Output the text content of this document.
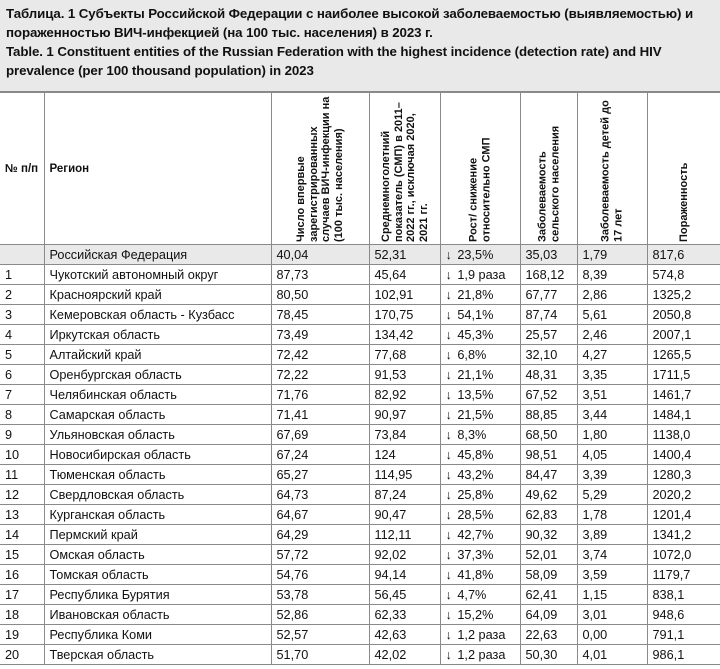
Таблица. 1 Субъекты Российской Федерации с наиболее высокой заболеваемостью (выявляемостью) и пораженностью ВИЧ-инфекцией (на 100 тыс. населения) в 2023 г.

Table. 1 Constituent entities of the Russian Federation with the highest incidence (detection rate) and HIV prevalence (per 100 thousand population) in 2023

№ п/п	Регион	Число впервые зарегистрированных случаев ВИЧ-инфекции на (100 тыс. населения)	Среднемноголетний показатель (СМП) в 2011–2022 гг., исключая 2020, 2021 гг.	Рост/ снижение относительно СМП	Заболеваемость сельского населения	Заболеваемость детей до 17 лет	Пораженность

	Российская Федерация	40,04	52,31	↓ 23,5%	35,03	1,79	817,6
1	Чукотский автономный округ	87,73	45,64	↓ 1,9 раза	168,12	8,39	574,8
2	Красноярский край	80,50	102,91	↓ 21,8%	67,77	2,86	1325,2
3	Кемеровская область - Кузбасс	78,45	170,75	↓ 54,1%	87,74	5,61	2050,8
4	Иркутская область	73,49	134,42	↓ 45,3%	25,57	2,46	2007,1
5	Алтайский край	72,42	77,68	↓ 6,8%	32,10	4,27	1265,5
6	Оренбургская область	72,22	91,53	↓ 21,1%	48,31	3,35	1711,5
7	Челябинская область	71,76	82,92	↓ 13,5%	67,52	3,51	1461,7
8	Самарская область	71,41	90,97	↓ 21,5%	88,85	3,44	1484,1
9	Ульяновская область	67,69	73,84	↓ 8,3%	68,50	1,80	1138,0
10	Новосибирская область	67,24	124	↓ 45,8%	98,51	4,05	1400,4
11	Тюменская область	65,27	114,95	↓ 43,2%	84,47	3,39	1280,3
12	Свердловская область	64,73	87,24	↓ 25,8%	49,62	5,29	2020,2
13	Курганская область	64,67	90,47	↓ 28,5%	62,83	1,78	1201,4
14	Пермский край	64,29	112,11	↓ 42,7%	90,32	3,89	1341,2
15	Омская область	57,72	92,02	↓ 37,3%	52,01	3,74	1072,0
16	Томская область	54,76	94,14	↓ 41,8%	58,09	3,59	1179,7
17	Республика Бурятия	53,78	56,45	↓ 4,7%	62,41	1,15	838,1
18	Ивановская область	52,86	62,33	↓ 15,2%	64,09	3,01	948,6
19	Республика Коми	52,57	42,63	↓ 1,2 раза	22,63	0,00	791,1
20	Тверская область	51,70	42,02	↓ 1,2 раза	50,30	4,01	986,1
